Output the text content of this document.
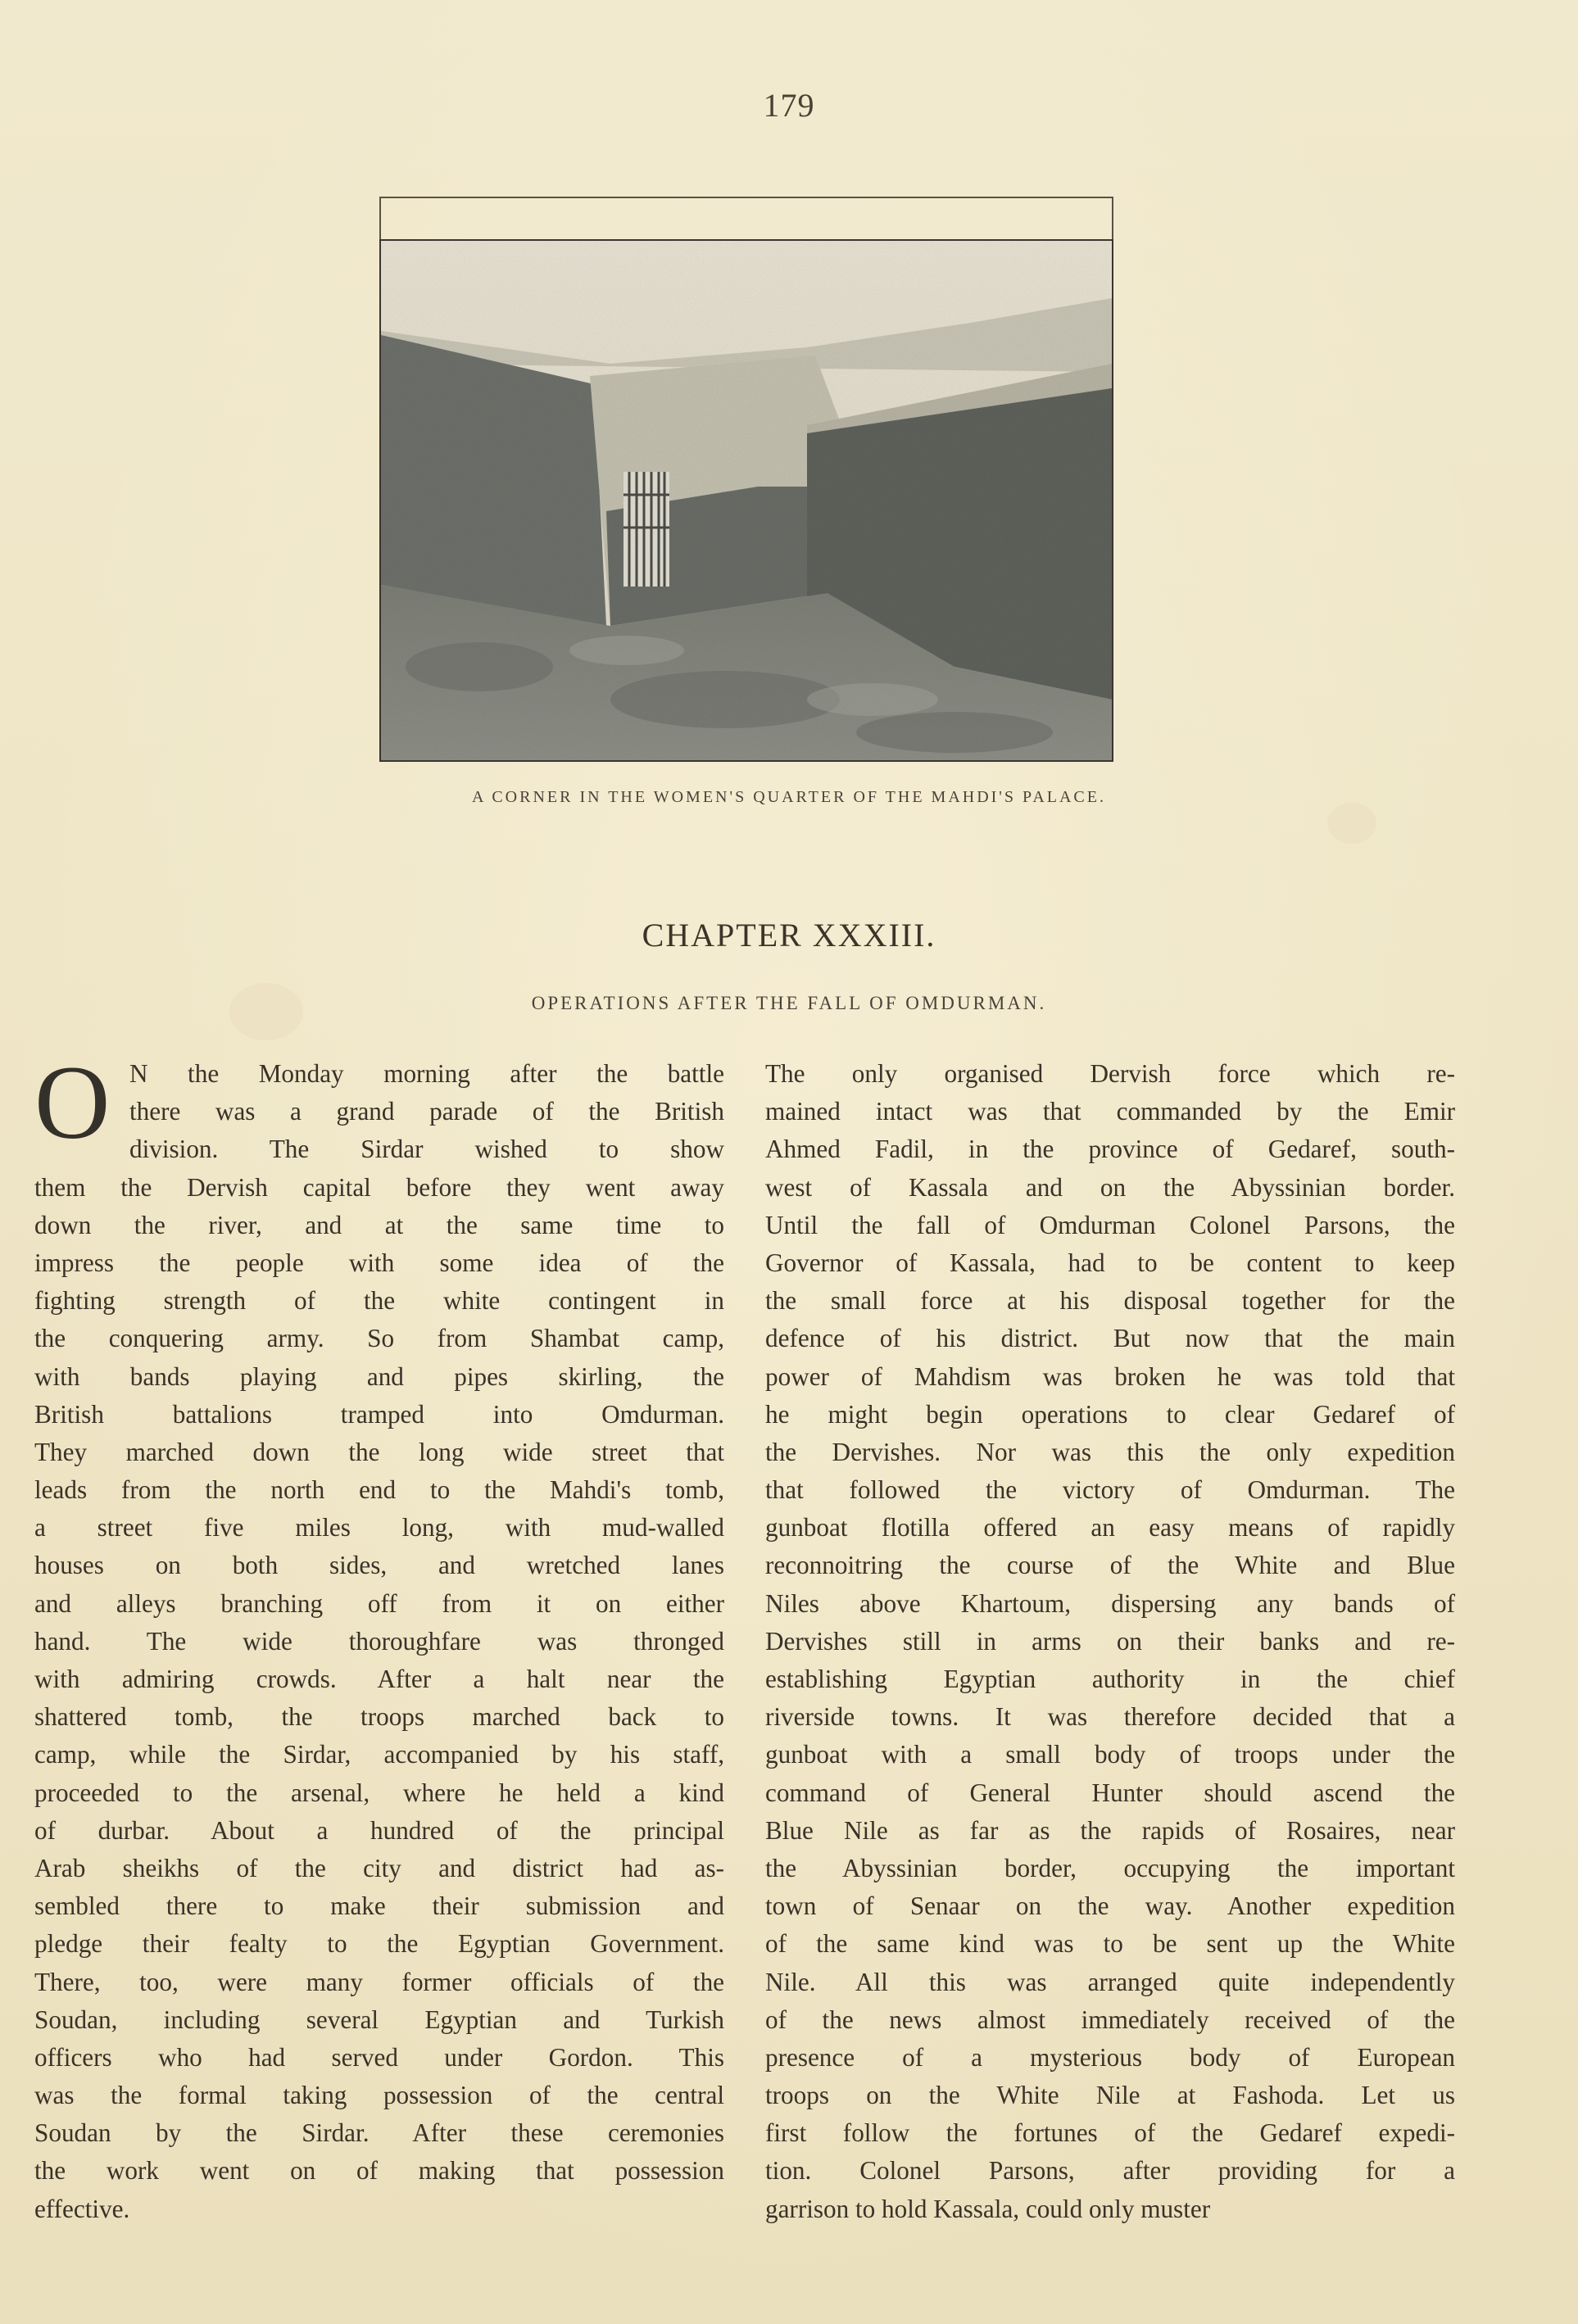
179
A CORNER IN THE WOMEN'S QUARTER OF THE MAHDI'S PALACE.
CHAPTER XXXIII.
OPERATIONS AFTER THE FALL OF OMDURMAN.
O N the Monday morning after the battle
there was a grand parade of the British
division. The Sirdar wished to show
them the Dervish capital before they went away
down the river, and at the same time to
impress the people with some idea of the
fighting strength of the white contingent in
the conquering army. So from Shambat camp,
with bands playing and pipes skirling, the
British battalions tramped into Omdurman.
They marched down the long wide street that
leads from the north end to the Mahdi's tomb,
a street five miles long, with mud-walled
houses on both sides, and wretched lanes
and alleys branching off from it on either
hand. The wide thoroughfare was thronged
with admiring crowds. After a halt near the
shattered tomb, the troops marched back to
camp, while the Sirdar, accompanied by his staff,
proceeded to the arsenal, where he held a kind
of durbar. About a hundred of the principal
Arab sheikhs of the city and district had as-
sembled there to make their submission and
pledge their fealty to the Egyptian Government.
There, too, were many former officials of the
Soudan, including several Egyptian and Turkish
officers who had served under Gordon. This
was the formal taking possession of the central
Soudan by the Sirdar. After these ceremonies
the work went on of making that possession
effective.
The only organised Dervish force which re-
mained intact was that commanded by the Emir
Ahmed Fadil, in the province of Gedaref, south-
west of Kassala and on the Abyssinian border.
Until the fall of Omdurman Colonel Parsons, the
Governor of Kassala, had to be content to keep
the small force at his disposal together for the
defence of his district. But now that the main
power of Mahdism was broken he was told that
he might begin operations to clear Gedaref of
the Dervishes. Nor was this the only expedition
that followed the victory of Omdurman. The
gunboat flotilla offered an easy means of rapidly
reconnoitring the course of the White and Blue
Niles above Khartoum, dispersing any bands of
Dervishes still in arms on their banks and re-
establishing Egyptian authority in the chief
riverside towns. It was therefore decided that a
gunboat with a small body of troops under the
command of General Hunter should ascend the
Blue Nile as far as the rapids of Rosaires, near
the Abyssinian border, occupying the important
town of Senaar on the way. Another expedition
of the same kind was to be sent up the White
Nile. All this was arranged quite independently
of the news almost immediately received of the
presence of a mysterious body of European
troops on the White Nile at Fashoda. Let us
first follow the fortunes of the Gedaref expedi-
tion. Colonel Parsons, after providing for a
garrison to hold Kassala, could only muster
